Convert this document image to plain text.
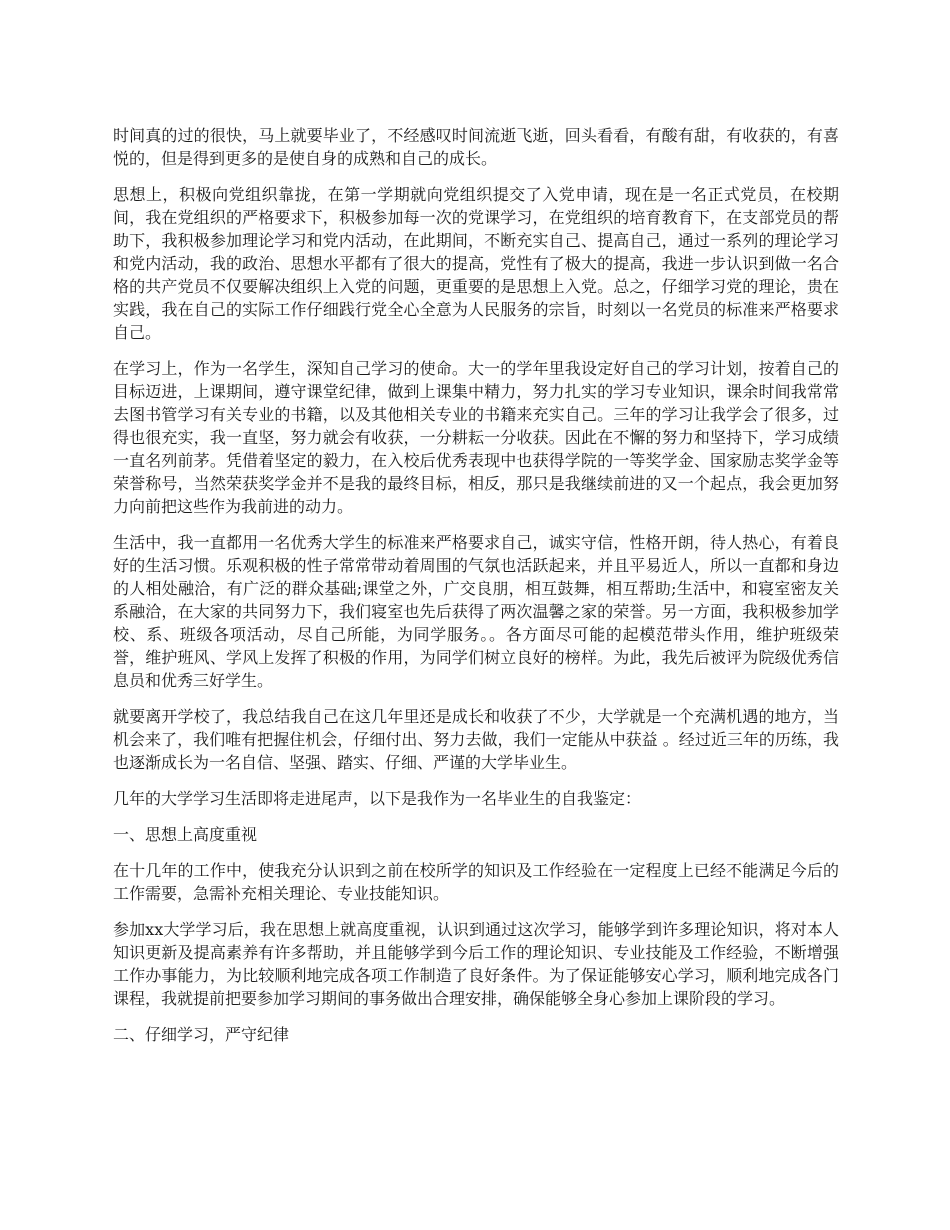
时间真的过的很快，马上就要毕业了，不经感叹时间流逝飞逝，回头看看，有酸有甜，有收获的，有喜悦的，但是得到更多的是使自身的成熟和自己的成长。

思想上，积极向党组织靠拢，在第一学期就向党组织提交了入党申请，现在是一名正式党员，在校期间，我在党组织的严格要求下，积极参加每一次的党课学习，在党组织的培育教育下，在支部党员的帮助下，我积极参加理论学习和党内活动，在此期间，不断充实自己、提高自己，通过一系列的理论学习和党内活动，我的政治、思想水平都有了很大的提高，党性有了极大的提高，我进一步认识到做一名合格的共产党员不仅要解决组织上入党的问题，更重要的是思想上入党。总之，仔细学习党的理论，贵在实践，我在自己的实际工作仔细践行党全心全意为人民服务的宗旨，时刻以一名党员的标准来严格要求自己。

在学习上，作为一名学生，深知自己学习的使命。大一的学年里我设定好自己的学习计划，按着自己的目标迈进，上课期间，遵守课堂纪律，做到上课集中精力，努力扎实的学习专业知识，课余时间我常常去图书管学习有关专业的书籍，以及其他相关专业的书籍来充实自己。三年的学习让我学会了很多，过得也很充实，我一直坚，努力就会有收获，一分耕耘一分收获。因此在不懈的努力和坚持下，学习成绩一直名列前茅。凭借着坚定的毅力，在入校后优秀表现中也获得学院的一等奖学金、国家励志奖学金等荣誉称号，当然荣获奖学金并不是我的最终目标，相反，那只是我继续前进的又一个起点，我会更加努力向前把这些作为我前进的动力。

生活中，我一直都用一名优秀大学生的标准来严格要求自己，诚实守信，性格开朗，待人热心，有着良好的生活习惯。乐观积极的性子常常带动着周围的气氛也活跃起来，并且平易近人，所以一直都和身边的人相处融洽，有广泛的群众基础;课堂之外，广交良朋，相互鼓舞，相互帮助;生活中，和寝室密友关系融洽，在大家的共同努力下，我们寝室也先后获得了两次温馨之家的荣誉。另一方面，我积极参加学校、系、班级各项活动，尽自己所能，为同学服务。。各方面尽可能的起模范带头作用，维护班级荣誉，维护班风、学风上发挥了积极的作用，为同学们树立良好的榜样。为此，我先后被评为院级优秀信息员和优秀三好学生。

就要离开学校了，我总结我自己在这几年里还是成长和收获了不少，大学就是一个充满机遇的地方，当机会来了，我们唯有把握住机会，仔细付出、努力去做，我们一定能从中获益 。经过近三年的历练，我也逐渐成长为一名自信、坚强、踏实、仔细、严谨的大学毕业生。

几年的大学学习生活即将走进尾声，以下是我作为一名毕业生的自我鉴定：

一、思想上高度重视

在十几年的工作中，使我充分认识到之前在校所学的知识及工作经验在一定程度上已经不能满足今后的工作需要，急需补充相关理论、专业技能知识。

参加xx大学学习后，我在思想上就高度重视，认识到通过这次学习，能够学到许多理论知识，将对本人知识更新及提高素养有许多帮助，并且能够学到今后工作的理论知识、专业技能及工作经验，不断增强工作办事能力，为比较顺利地完成各项工作制造了良好条件。为了保证能够安心学习，顺利地完成各门课程，我就提前把要参加学习期间的事务做出合理安排，确保能够全身心参加上课阶段的学习。

二、仔细学习，严守纪律
